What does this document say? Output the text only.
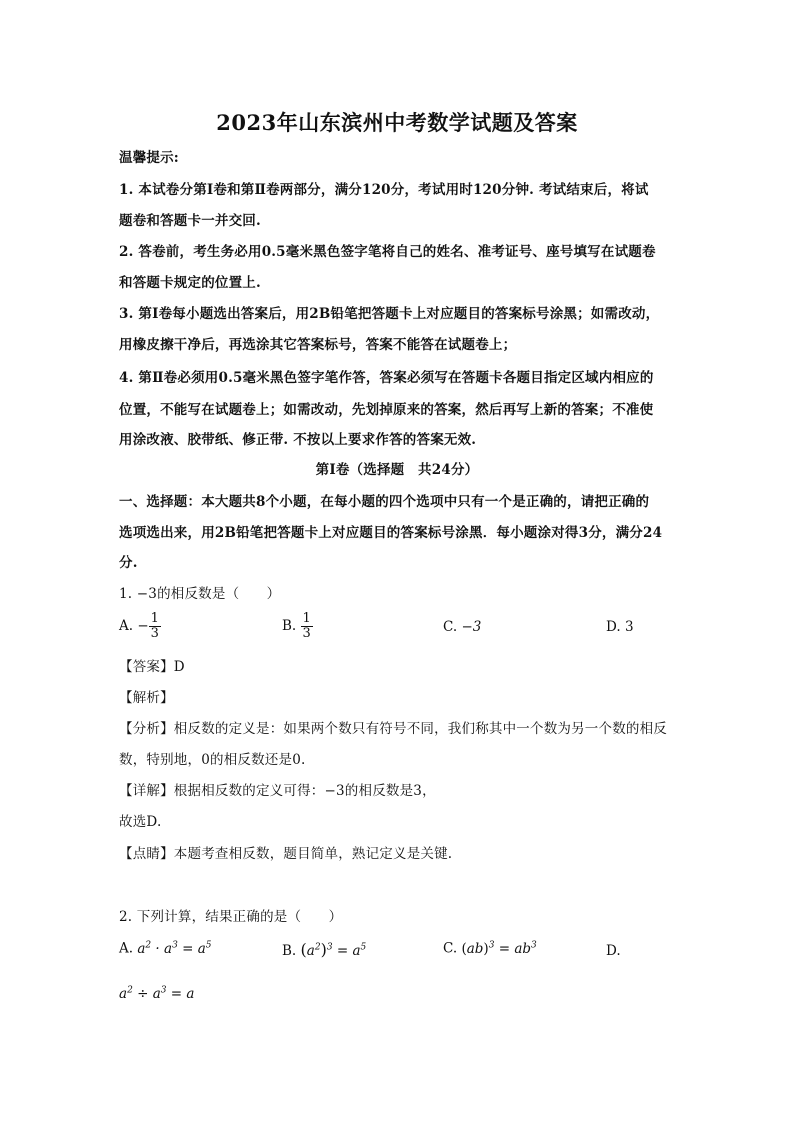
2023年山东滨州中考数学试题及答案
温馨提示:
1. 本试卷分第Ⅰ卷和第Ⅱ卷两部分，满分120分，考试用时120分钟. 考试结束后，将试
题卷和答题卡一并交回.
2. 答卷前，考生务必用0.5毫米黑色签字笔将自己的姓名、准考证号、座号填写在试题卷
和答题卡规定的位置上.
3. 第Ⅰ卷每小题选出答案后，用2B铅笔把答题卡上对应题目的答案标号涂黑；如需改动，
用橡皮擦干净后，再选涂其它答案标号，答案不能答在试题卷上；
4. 第Ⅱ卷必须用0.5毫米黑色签字笔作答，答案必须写在答题卡各题目指定区域内相应的
位置，不能写在试题卷上；如需改动，先划掉原来的答案，然后再写上新的答案；不准使
用涂改液、胶带纸、修正带. 不按以上要求作答的答案无效.
第Ⅰ卷（选择题　共24分）
一、选择题：本大题共8个小题，在每小题的四个选项中只有一个是正确的，请把正确的
选项选出来，用2B铅笔把答题卡上对应题目的答案标号涂黑．每小题涂对得3分，满分24
分.
1. −3的相反数是（　　）
A. − $\frac{1}{3}$	B. $\frac{1}{3}$	C. −3	D. 3
【答案】D
【解析】
【分析】相反数的定义是：如果两个数只有符号不同，我们称其中一个数为另一个数的相反
数，特别地，0的相反数还是0.
【详解】根据相反数的定义可得：−3的相反数是3，
故选D.
【点睛】本题考查相反数，题目简单，熟记定义是关键.
2. 下列计算，结果正确的是（　　）
A. $a^2 \cdot a^3 = a^5$	B. $(a^2)^3 = a^5$	C. $(ab)^3 = ab^3$	D.
$a^2 \div a^3 = a$
